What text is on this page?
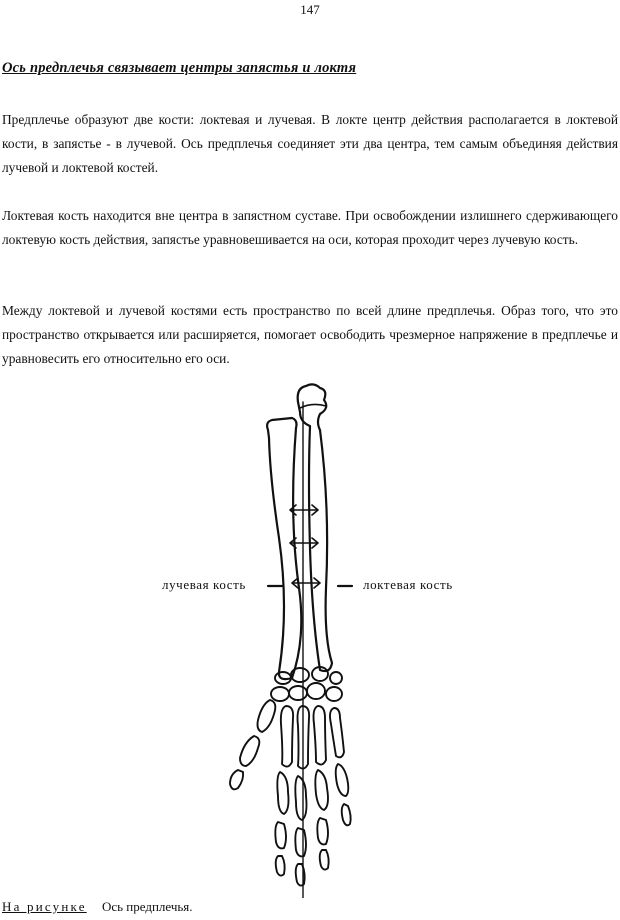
147
Ось предплечья связывает центры запястья и локтя

Предплечье образуют две кости: локтевая и лучевая. В локте центр действия располагается в локтевой кости, в запястье - в лучевой. Ось предплечья соединяет эти два центра, тем самым объединяя действия лучевой и локтевой костей.

Локтевая кость находится вне центра в запястном суставе. При освобождении излишнего сдерживающего локтевую кость действия, запястье уравновешивается на оси, которая проходит через лучевую кость.

Между локтевой и лучевой костями есть пространство по всей длине предплечья. Образ того, что это пространство открывается или расширяется, помогает освободить чрезмерное напряжение в предплечье и уравновесить его относительно его оси.

лучевая кость	локтевая кость
На рисунке Ось предплечья.
